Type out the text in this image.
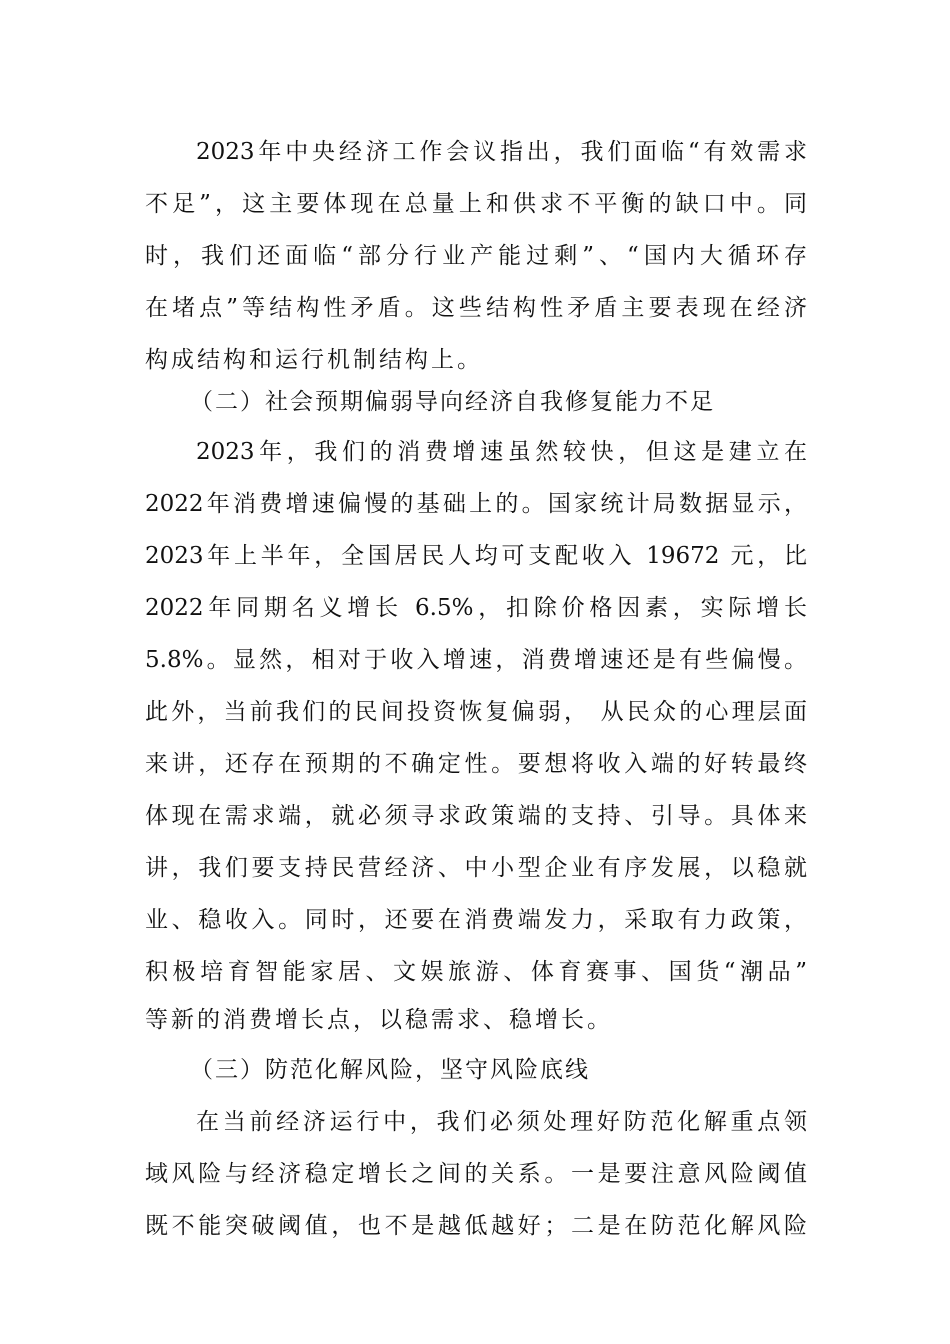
2023年中央经济工作会议指出，我们面临“有效需求
不足”，这主要体现在总量上和供求不平衡的缺口中。同
时，我们还面临“部分行业产能过剩”、“国内大循环存
在堵点”等结构性矛盾。这些结构性矛盾主要表现在经济
构成结构和运行机制结构上。
（二）社会预期偏弱导向经济自我修复能力不足
2023年，我们的消费增速虽然较快，但这是建立在
2022年消费增速偏慢的基础上的。国家统计局数据显示，
2023年上半年，全国居民人均可支配收入 19672 元，比
2022年同期名义增长 6.5%，扣除价格因素，实际增长
5.8%。显然，相对于收入增速，消费增速还是有些偏慢。
此外，当前我们的民间投资恢复偏弱， 从民众的心理层面
来讲，还存在预期的不确定性。要想将收入端的好转最终
体现在需求端，就必须寻求政策端的支持、引导。具体来
讲，我们要支持民营经济、中小型企业有序发展，以稳就
业、稳收入。同时，还要在消费端发力，采取有力政策，
积极培育智能家居、文娱旅游、体育赛事、国货“潮品”
等新的消费增长点，以稳需求、稳增长。
（三）防范化解风险，坚守风险底线
在当前经济运行中，我们必须处理好防范化解重点领
域风险与经济稳定增长之间的关系。一是要注意风险阈值
既不能突破阈值，也不是越低越好；二是在防范化解风险
